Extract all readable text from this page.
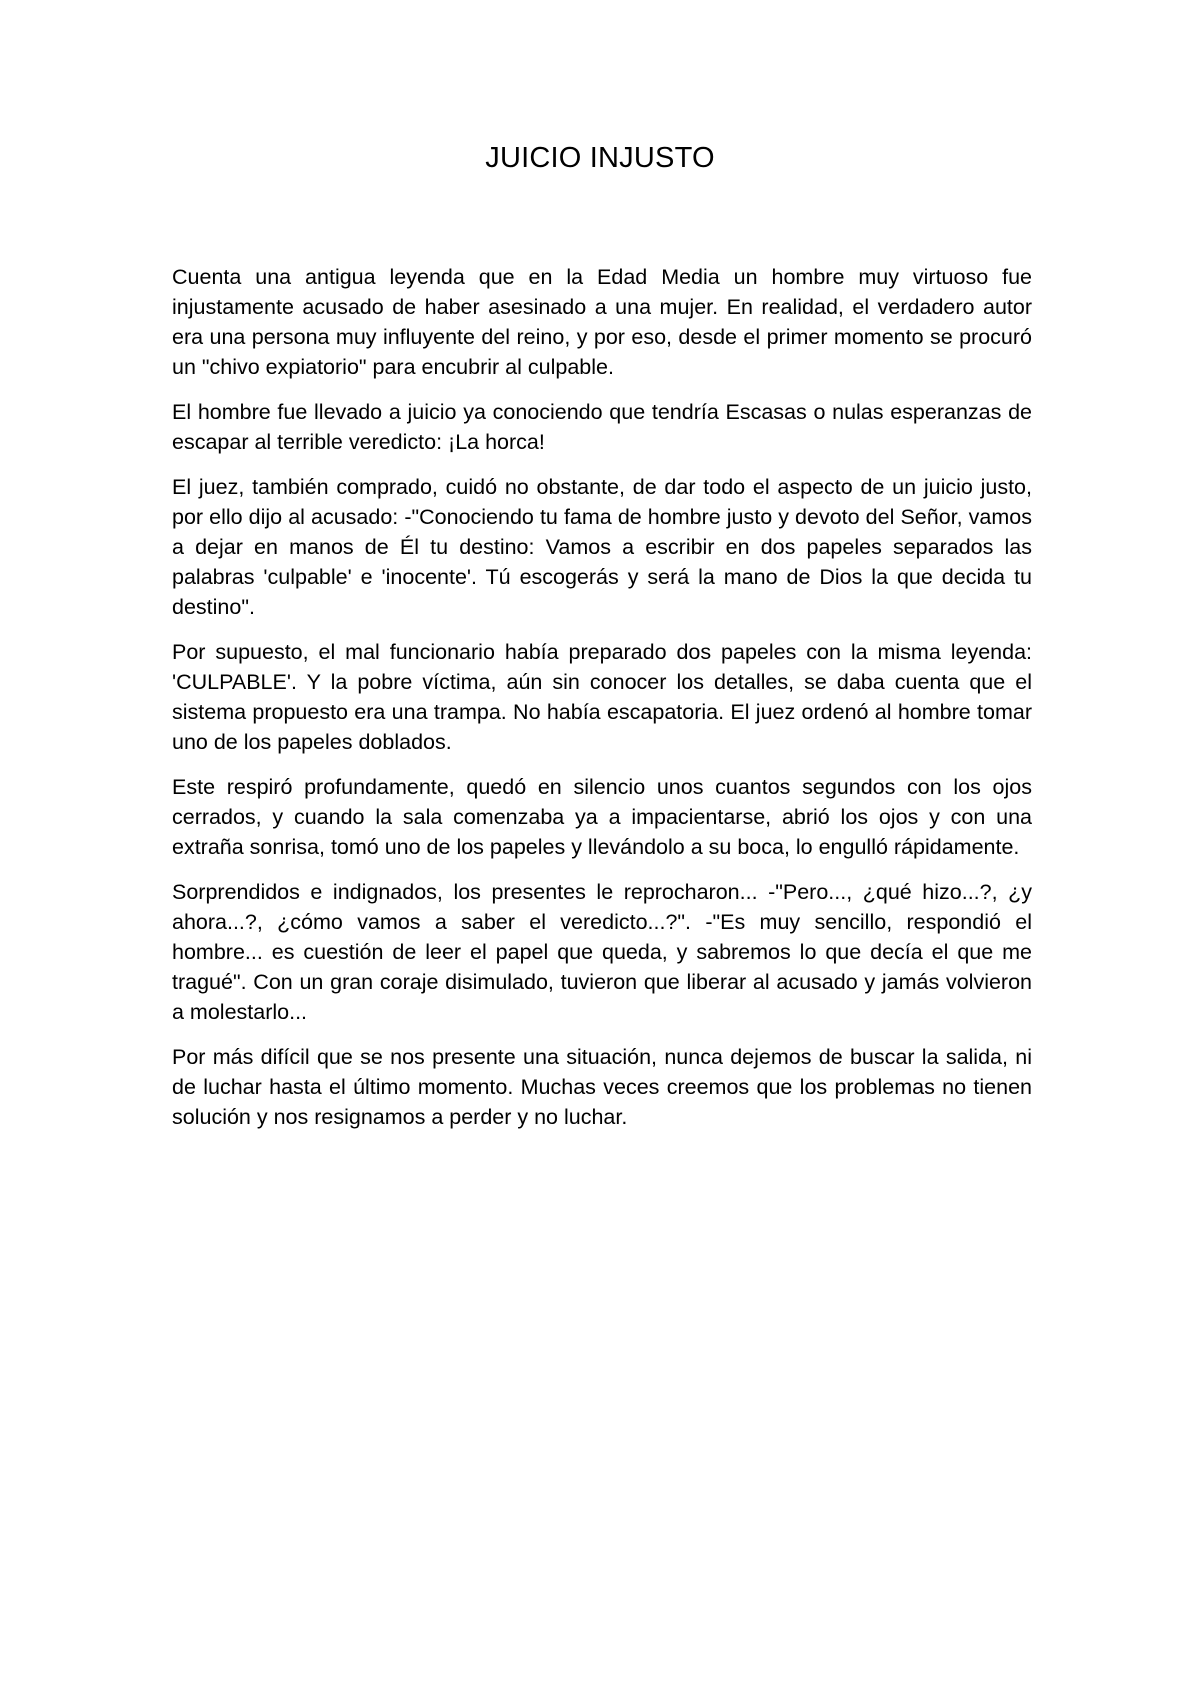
JUICIO INJUSTO

Cuenta una antigua leyenda que en la Edad Media un hombre muy virtuoso fue injustamente acusado de haber asesinado a una mujer. En realidad, el verdadero autor era una persona muy influyente del reino, y por eso, desde el primer momento se procuró un "chivo expiatorio" para encubrir al culpable.

El hombre fue llevado a juicio ya conociendo que tendría Escasas o nulas esperanzas de escapar al terrible veredicto: ¡La horca!

El juez, también comprado, cuidó no obstante, de dar todo el aspecto de un juicio justo, por ello dijo al acusado: -"Conociendo tu fama de hombre justo y devoto del Señor, vamos a dejar en manos de Él tu destino: Vamos a escribir en dos papeles separados las palabras 'culpable' e 'inocente'. Tú escogerás y será la mano de Dios la que decida tu destino".

Por supuesto, el mal funcionario había preparado dos papeles con la misma leyenda: 'CULPABLE'. Y la pobre víctima, aún sin conocer los detalles, se daba cuenta que el sistema propuesto era una trampa. No había escapatoria. El juez ordenó al hombre tomar uno de los papeles doblados.

Este respiró profundamente, quedó en silencio unos cuantos segundos con los ojos cerrados, y cuando la sala comenzaba ya a impacientarse, abrió los ojos y con una extraña sonrisa, tomó uno de los papeles y llevándolo a su boca, lo engulló rápidamente.

Sorprendidos e indignados, los presentes le reprocharon... -"Pero..., ¿qué hizo...?, ¿y ahora...?, ¿cómo vamos a saber el veredicto...?". -"Es muy sencillo, respondió el hombre... es cuestión de leer el papel que queda, y sabremos lo que decía el que me tragué". Con un gran coraje disimulado, tuvieron que liberar al acusado y jamás volvieron a molestarlo...

Por más difícil que se nos presente una situación, nunca dejemos de buscar la salida, ni de luchar hasta el último momento. Muchas veces creemos que los problemas no tienen solución y nos resignamos a perder y no luchar.
